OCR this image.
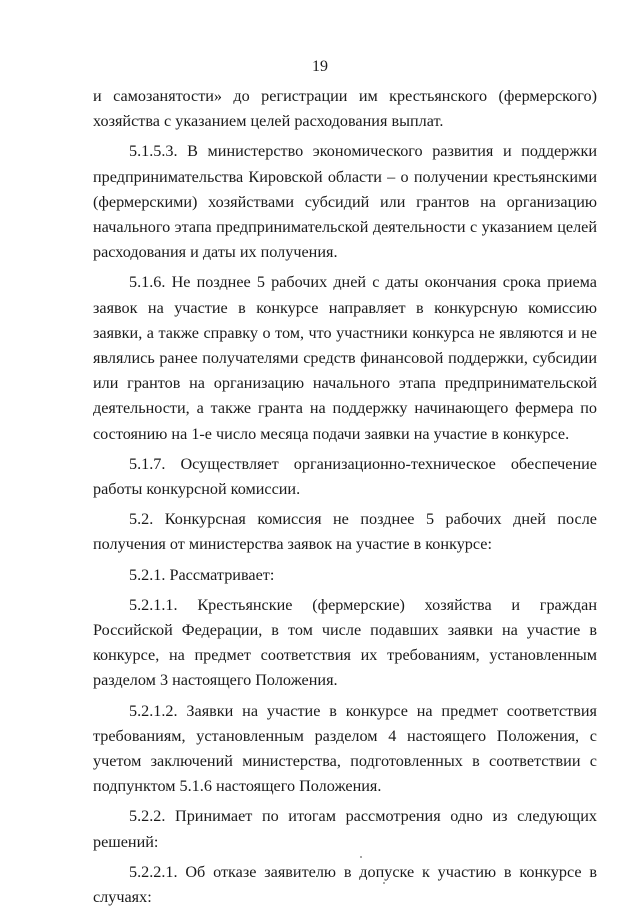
19

и самозанятости» до регистрации им крестьянского (фермерского) хозяйства с указанием целей расходования выплат.

5.1.5.3. В министерство экономического развития и поддержки предпринимательства Кировской области – о получении крестьянскими (фермерскими) хозяйствами субсидий или грантов на организацию начального этапа предпринимательской деятельности с указанием целей расходования и даты их получения.

5.1.6. Не позднее 5 рабочих дней с даты окончания срока приема заявок на участие в конкурсе направляет в конкурсную комиссию заявки, а также справку о том, что участники конкурса не являются и не являлись ранее получателями средств финансовой поддержки, субсидии или грантов на организацию начального этапа предпринимательской деятельности, а также гранта на поддержку начинающего фермера по состоянию на 1-е число месяца подачи заявки на участие в конкурсе.

5.1.7. Осуществляет организационно-техническое обеспечение работы конкурсной комиссии.

5.2. Конкурсная комиссия не позднее 5 рабочих дней после получения от министерства заявок на участие в конкурсе:

5.2.1. Рассматривает:

5.2.1.1. Крестьянские (фермерские) хозяйства и граждан Российской Федерации, в том числе подавших заявки на участие в конкурсе, на предмет соответствия их требованиям, установленным разделом 3 настоящего Положения.

5.2.1.2. Заявки на участие в конкурсе на предмет соответствия требованиям, установленным разделом 4 настоящего Положения, с учетом заключений министерства, подготовленных в соответствии с подпунктом 5.1.6 настоящего Положения.

5.2.2. Принимает по итогам рассмотрения одно из следующих решений:

5.2.2.1. Об отказе заявителю в допуске к участию в конкурсе в случаях:
